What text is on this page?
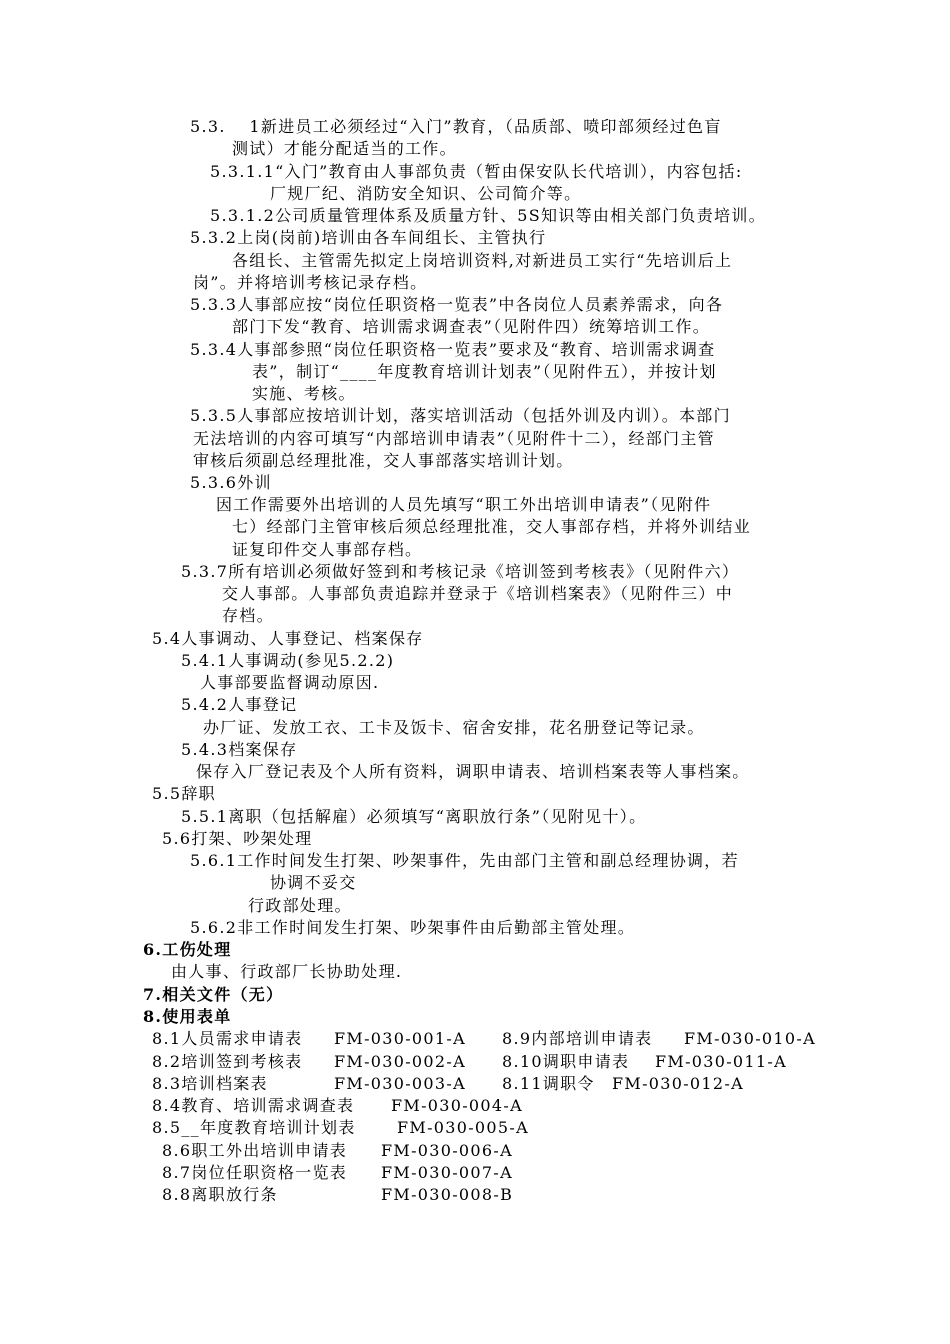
5.3.　 1新进员工必须经过“入门”教育，（品质部、喷印部须经过色盲
测试）才能分配适当的工作。
5.3.1.1“入门”教育由人事部负责（暂由保安队长代培训），内容包括:
厂规厂纪、消防安全知识、公司简介等。
5.3.1.2公司质量管理体系及质量方针、5S知识等由相关部门负责培训。
5.3.2上岗(岗前)培训由各车间组长、主管执行
各组长、主管需先拟定上岗培训资料,对新进员工实行“先培训后上
岗”。并将培训考核记录存档。
5.3.3人事部应按“岗位任职资格一览表”中各岗位人员素养需求，向各
部门下发“教育、培训需求调查表”（见附件四）统筹培训工作。
5.3.4人事部参照“岗位任职资格一览表”要求及“教育、培训需求调查
表”，制订“____年度教育培训计划表”（见附件五），并按计划
实施、考核。
5.3.5人事部应按培训计划，落实培训活动（包括外训及内训）。本部门
无法培训的内容可填写“内部培训申请表”（见附件十二），经部门主管
审核后须副总经理批准，交人事部落实培训计划。
5.3.6外训
因工作需要外出培训的人员先填写“职工外出培训申请表”（见附件
七）经部门主管审核后须总经理批准，交人事部存档，并将外训结业
证复印件交人事部存档。
5.3.7所有培训必须做好签到和考核记录《培训签到考核表》（见附件六）
交人事部。人事部负责追踪并登录于《培训档案表》（见附件三）中
存档。
5.4人事调动、人事登记、档案保存
5.4.1人事调动(参见5.2.2)
人事部要监督调动原因.
5.4.2人事登记
办厂证、发放工衣、工卡及饭卡、宿舍安排，花名册登记等记录。
5.4.3档案保存
保存入厂登记表及个人所有资料，调职申请表、培训档案表等人事档案。
5.5辞职
5.5.1离职（包括解雇）必须填写“离职放行条”（见附见十）。
5.6打架、吵架处理
5.6.1工作时间发生打架、吵架事件，先由部门主管和副总经理协调，若
协调不妥交
行政部处理。
5.6.2非工作时间发生打架、吵架事件由后勤部主管处理。
6.工伤处理
由人事、行政部厂长协助处理.
7.相关文件（无）
8.使用表单
8.1人员需求申请表 FM-030-001-A
8.2培训签到考核表 FM-030-002-A
8.3培训档案表	FM-030-003-A
8.4教育、培训需求调查表 FM-030-004-A
8.5__年度教育培训计划表	FM-030-005-A
8.6职工外出培训申请表 FM-030-006-A
8.7岗位任职资格一览表 FM-030-007-A
8.8离职放行条	FM-030-008-B
8.9内部培训申请表 FM-030-010-A
8.10调职申请表 FM-030-011-A
8.11调职令 FM-030-012-A
